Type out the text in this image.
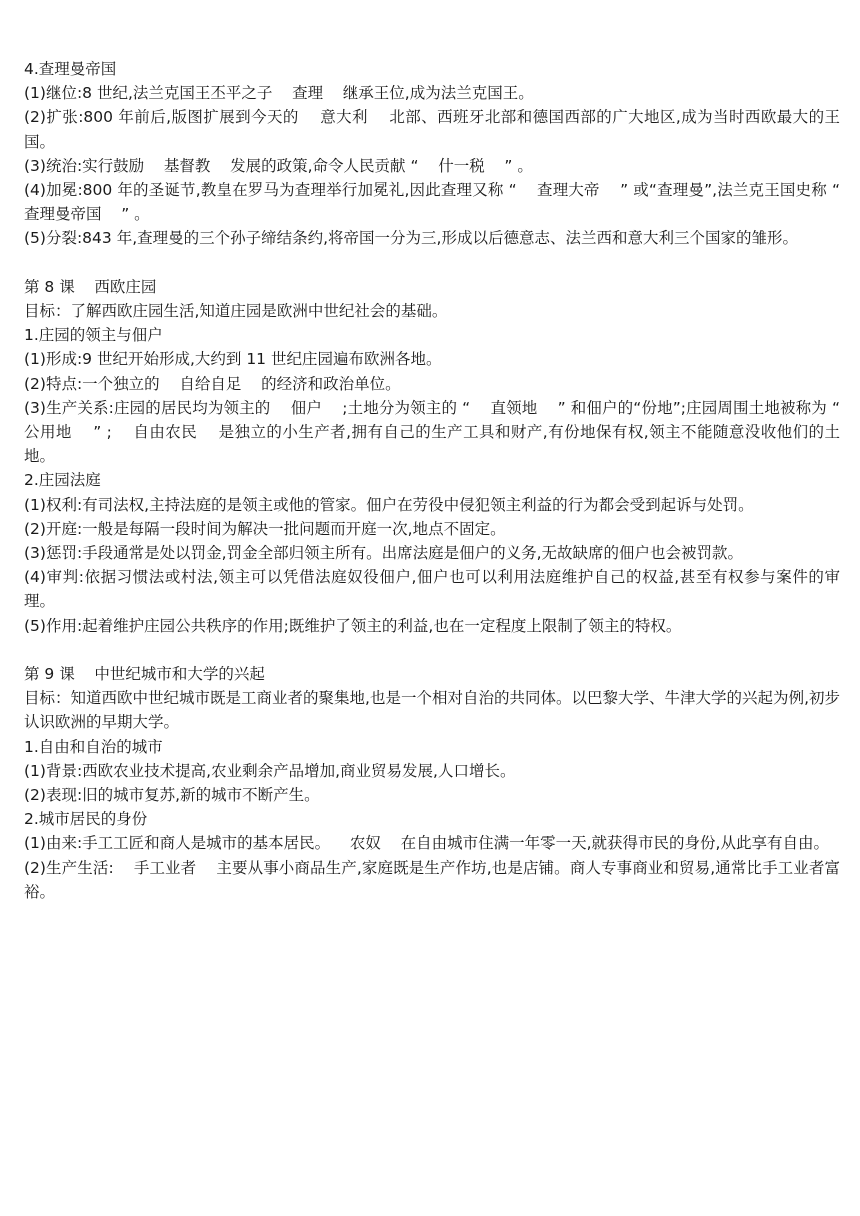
4.查理曼帝国
(1)继位:8 世纪,法兰克国王丕平之子    查理    继承王位,成为法兰克国王。
(2)扩张:800 年前后,版图扩展到今天的    意大利    北部、西班牙北部和德国西部的广大地区,成为当时西欧最大的王国。
(3)统治:实行鼓励    基督教    发展的政策,命令人民贡献 “    什一税    ” 。
(4)加冕:800 年的圣诞节,教皇在罗马为查理举行加冕礼,因此查理又称 “    查理大帝    ” 或“查理曼”,法兰克王国史称 “    查理曼帝国    ” 。
(5)分裂:843 年,查理曼的三个孙子缔结条约,将帝国一分为三,形成以后德意志、法兰西和意大利三个国家的雏形。
第 8 课    西欧庄园
目标：了解西欧庄园生活,知道庄园是欧洲中世纪社会的基础。
1.庄园的领主与佃户
(1)形成:9 世纪开始形成,大约到 11 世纪庄园遍布欧洲各地。
(2)特点:一个独立的    自给自足    的经济和政治单位。
(3)生产关系:庄园的居民均为领主的    佃户    ;土地分为领主的 “    直领地    ” 和佃户的“份地”;庄园周围土地被称为 “    公用地    ” ;    自由农民    是独立的小生产者,拥有自己的生产工具和财产,有份地保有权,领主不能随意没收他们的土地。
2.庄园法庭
(1)权利:有司法权,主持法庭的是领主或他的管家。佃户在劳役中侵犯领主利益的行为都会受到起诉与处罚。
(2)开庭:一般是每隔一段时间为解决一批问题而开庭一次,地点不固定。
(3)惩罚:手段通常是处以罚金,罚金全部归领主所有。出席法庭是佃户的义务,无故缺席的佃户也会被罚款。
(4)审判:依据习惯法或村法,领主可以凭借法庭奴役佃户,佃户也可以利用法庭维护自己的权益,甚至有权参与案件的审理。
(5)作用:起着维护庄园公共秩序的作用;既维护了领主的利益,也在一定程度上限制了领主的特权。
第 9 课    中世纪城市和大学的兴起
目标：知道西欧中世纪城市既是工商业者的聚集地,也是一个相对自治的共同体。以巴黎大学、牛津大学的兴起为例,初步认识欧洲的早期大学。
1.自由和自治的城市
(1)背景:西欧农业技术提高,农业剩余产品增加,商业贸易发展,人口增长。
(2)表现:旧的城市复苏,新的城市不断产生。
2.城市居民的身份
(1)由来:手工工匠和商人是城市的基本居民。    农奴    在自由城市住满一年零一天,就获得市民的身份,从此享有自由。
(2)生产生活:    手工业者    主要从事小商品生产,家庭既是生产作坊,也是店铺。商人专事商业和贸易,通常比手工业者富裕。
